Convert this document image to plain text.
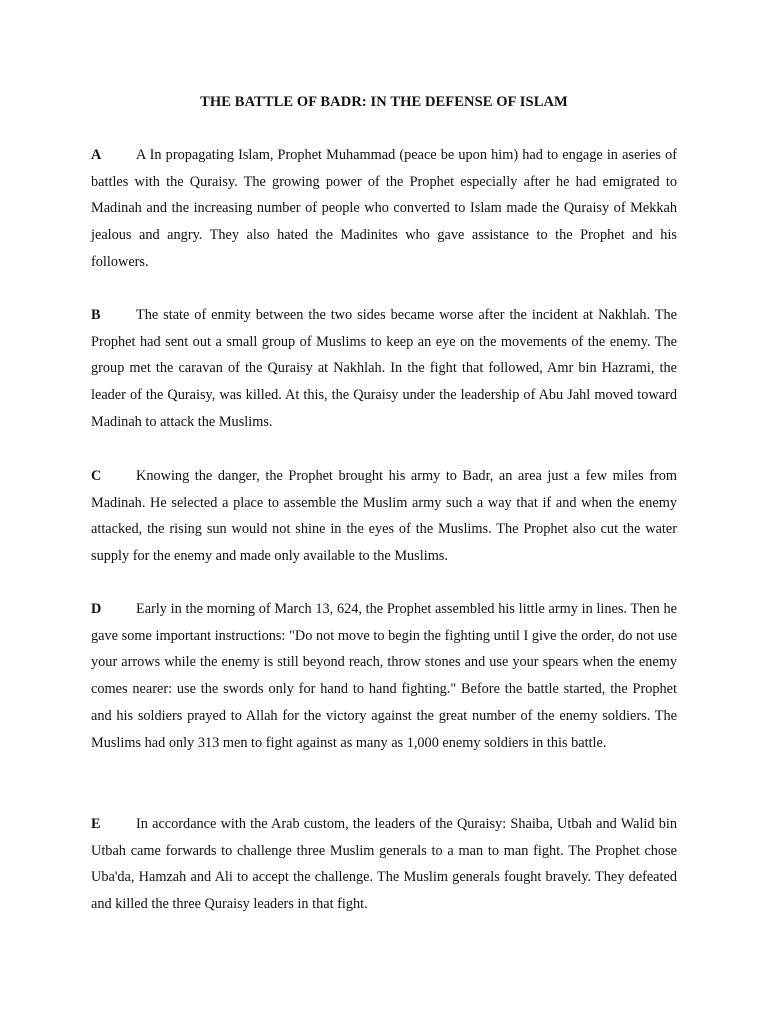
THE BATTLE OF BADR: IN THE DEFENSE OF ISLAM

A A In propagating Islam, Prophet Muhammad (peace be upon him) had to engage in aseries of battles with the Quraisy. The growing power of the Prophet especially after he had emigrated to Madinah and the increasing number of people who converted to Islam made the Quraisy of Mekkah jealous and angry. They also hated the Madinites who gave assistance to the Prophet and his followers.

B The state of enmity between the two sides became worse after the incident at Nakhlah. The Prophet had sent out a small group of Muslims to keep an eye on the movements of the enemy. The group met the caravan of the Quraisy at Nakhlah. In the fight that followed, Amr bin Hazrami, the leader of the Quraisy, was killed. At this, the Quraisy under the leadership of Abu Jahl moved toward Madinah to attack the Muslims.

C Knowing the danger, the Prophet brought his army to Badr, an area just a few miles from Madinah. He selected a place to assemble the Muslim army such a way that if and when the enemy attacked, the rising sun would not shine in the eyes of the Muslims. The Prophet also cut the water supply for the enemy and made only available to the Muslims.

D Early in the morning of March 13, 624, the Prophet assembled his little army in lines. Then he gave some important instructions: "Do not move to begin the fighting until I give the order, do not use your arrows while the enemy is still beyond reach, throw stones and use your spears when the enemy comes nearer: use the swords only for hand to hand fighting." Before the battle started, the Prophet and his soldiers prayed to Allah for the victory against the great number of the enemy soldiers. The Muslims had only 313 men to fight against as many as 1,000 enemy soldiers in this battle.

E In accordance with the Arab custom, the leaders of the Quraisy: Shaiba, Utbah and Walid bin Utbah came forwards to challenge three Muslim generals to a man to man fight. The Prophet chose Uba'da, Hamzah and Ali to accept the challenge. The Muslim generals fought bravely. They defeated and killed the three Quraisy leaders in that fight.
